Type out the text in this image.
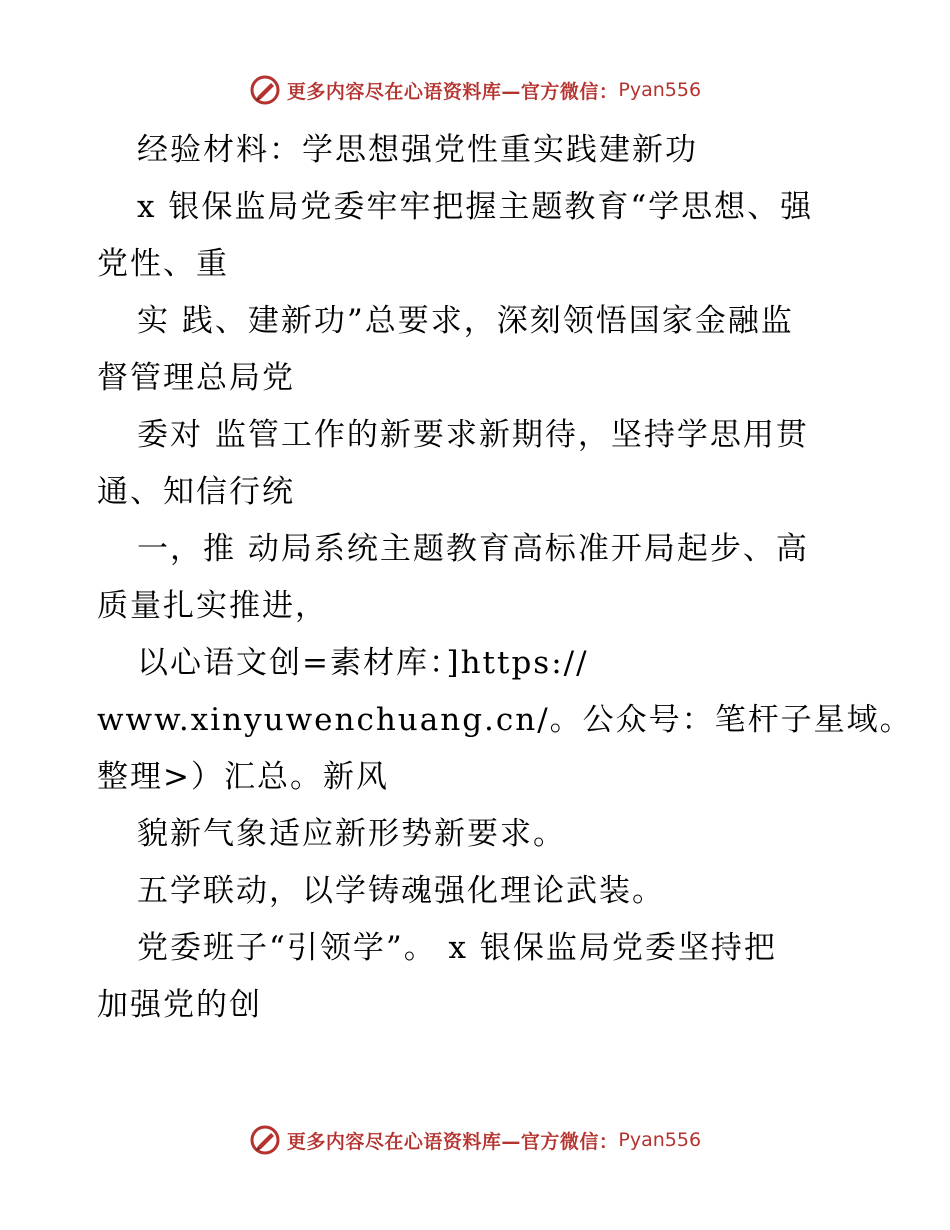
更多内容尽在心语资料库—官方微信： Pyan556
经验材料：学思想强党性重实践建新功
x 银保监局党委牢牢把握主题教育“学思想、强
党性、重
实 践、建新功”总要求，深刻领悟国家金融监
督管理总局党
委对 监管工作的新要求新期待，坚持学思用贯
通、知信行统
一，推 动局系统主题教育高标准开局起步、高
质量扎实推进，
以心语文创=素材库：]https://
www.xinyuwenchuang.cn/。公众号：笔杆子星域。
整理>）汇总。新风
貌新气象适应新形势新要求。
五学联动，以学铸魂强化理论武装。
党委班子“引领学”。 x 银保监局党委坚持把
加强党的创
更多内容尽在心语资料库—官方微信： Pyan556
